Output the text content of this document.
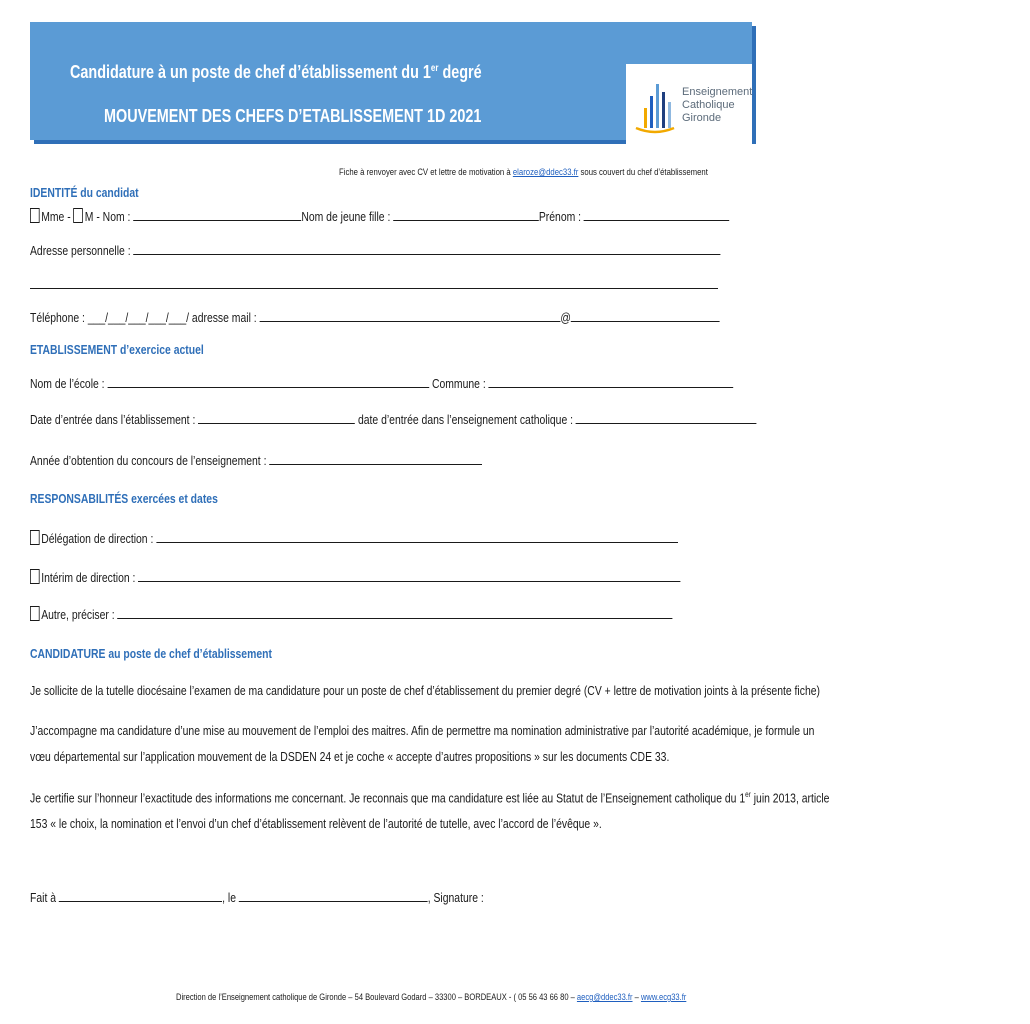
Candidature à un poste de chef d’établissement du 1er degré
MOUVEMENT DES CHEFS D’ETABLISSEMENT 1D 2021
Enseignement
Catholique
Gironde
Fiche à renvoyer avec CV et lettre de motivation à elaroze@ddec33.fr sous couvert du chef d’établissement
IDENTITÉ du candidat
Mme - M - Nom :	Nom de jeune fille :	Prénom :
Adresse personnelle :
Téléphone : ___/___/___/___/___/ adresse mail :	@
ETABLISSEMENT d’exercice actuel
Nom de l’école :	Commune :
Date d’entrée dans l’établissement :	date d’entrée dans l’enseignement catholique :
Année d’obtention du concours de l’enseignement :
RESPONSABILITÉS exercées et dates
Délégation de direction :
Intérim de direction :
Autre, préciser :
CANDIDATURE au poste de chef d’établissement
Je sollicite de la tutelle diocésaine l’examen de ma candidature pour un poste de chef d’établissement du premier degré (CV + lettre de motivation joints à la présente fiche)
J’accompagne ma candidature d’une mise au mouvement de l’emploi des maitres. Afin de permettre ma nomination administrative par l’autorité académique, je formule un
vœu départemental sur l’application mouvement de la DSDEN 24 et je coche « accepte d’autres propositions » sur les documents CDE 33.
Je certifie sur l’honneur l’exactitude des informations me concernant. Je reconnais que ma candidature est liée au Statut de l’Enseignement catholique du 1er juin 2013, article
153 « le choix, la nomination et l’envoi d’un chef d’établissement relèvent de l’autorité de tutelle, avec l’accord de l’évêque ».
Fait à	, le	, Signature :
Direction de l’Enseignement catholique de Gironde – 54 Boulevard Godard – 33300 – BORDEAUX - ( 05 56 43 66 80 – aecg@ddec33.fr – www.ecg33.fr
